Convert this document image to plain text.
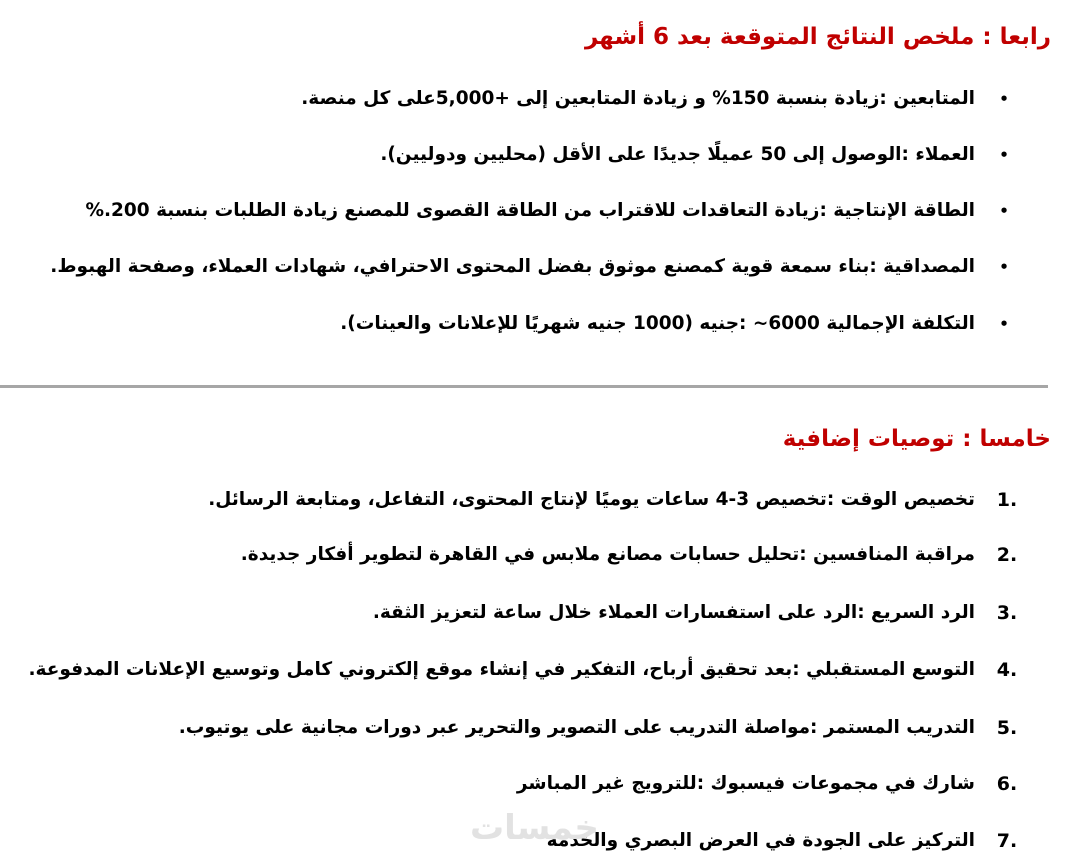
رابعا : ملخص النتائج المتوقعة بعد 6 أشهر
•
المتابعين :زيادة بنسبة 150% و زيادة المتابعين إلى +5,000على كل منصة.
•
العملاء :الوصول إلى 50 عميلًا جديدًا على الأقل (محليين ودوليين).
•
الطاقة الإنتاجية :زيادة التعاقدات للاقتراب من الطاقة القصوى للمصنع زيادة الطلبات بنسبة 200.%
•
المصداقية :بناء سمعة قوية كمصنع موثوق بفضل المحتوى الاحترافي، شهادات العملاء، وصفحة الهبوط.
•
التكلفة الإجمالية 6000~ :جنيه (1000 جنيه شهريًا للإعلانات والعينات).
خامسا : توصيات إضافية
1.
تخصيص الوقت :تخصيص 3-4 ساعات يوميًا لإنتاج المحتوى، التفاعل، ومتابعة الرسائل.
2.
مراقبة المنافسين :تحليل حسابات مصانع ملابس في القاهرة لتطوير أفكار جديدة.
3.
الرد السريع :الرد على استفسارات العملاء خلال ساعة لتعزيز الثقة.
4.
التوسع المستقبلي :بعد تحقيق أرباح، التفكير في إنشاء موقع إلكتروني كامل وتوسيع الإعلانات المدفوعة.
5.
التدريب المستمر :مواصلة التدريب على التصوير والتحرير عبر دورات مجانية على يوتيوب.
6.
شارك في مجموعات فيسبوك :للترويج غير المباشر
7.
التركيز على الجودة في العرض البصري والخدمة
خمسات
